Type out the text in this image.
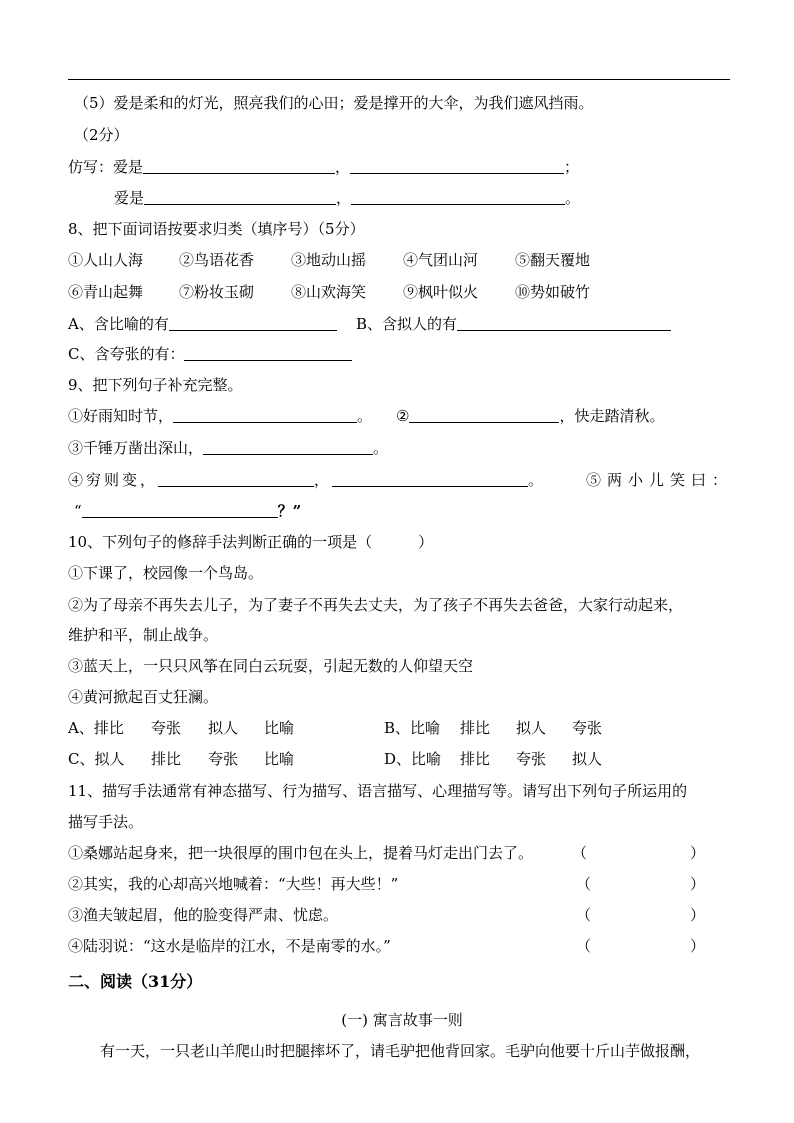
（5）爱是柔和的灯光，照亮我们的心田；爱是撑开的大伞，为我们遮风挡雨。
（2分）
仿写：爱是	，	；
爱是	，	。
8、把下面词语按要求归类（填序号）（5分）
①人山人海 ②鸟语花香 ③地动山摇 ④气团山河 ⑤翻天覆地
⑥青山起舞 ⑦粉妆玉砌 ⑧山欢海笑 ⑨枫叶似火 ⑩势如破竹
A、含比喻的有	B、含拟人的有
C、含夸张的有：
9、把下列句子补充完整。
①好雨知时节，	。 ②	，快走踏清秋。
③千锤万凿出深山，	。
④穷则变，	，	。	⑤两小儿笑曰：
“	？”
10、下列句子的修辞手法判断正确的一项是（	）
①下课了，校园像一个鸟岛。
②为了母亲不再失去儿子，为了妻子不再失去丈夫，为了孩子不再失去爸爸，大家行动起来，
维护和平，制止战争。
③蓝天上，一只只风筝在同白云玩耍，引起无数的人仰望天空
④黄河掀起百丈狂澜。
A、排比 夸张 拟人 比喻	B、比喻 排比 拟人 夸张
C、拟人 排比 夸张 比喻	D、比喻 排比 夸张 拟人
11、描写手法通常有神态描写、行为描写、语言描写、心理描写等。请写出下列句子所运用的
描写手法。
①桑娜站起身来，把一块很厚的围巾包在头上，提着马灯走出门去了。	（	）
②其实，我的心却高兴地喊着：“大些！再大些！”	（	）
③渔夫皱起眉，他的脸变得严肃、忧虑。	（	）
④陆羽说：“这水是临岸的江水，不是南零的水。”	（	）
二、阅读（31分）
(一) 寓言故事一则
有一天，一只老山羊爬山时把腿摔坏了，请毛驴把他背回家。毛驴向他要十斤山芋做报酬，
